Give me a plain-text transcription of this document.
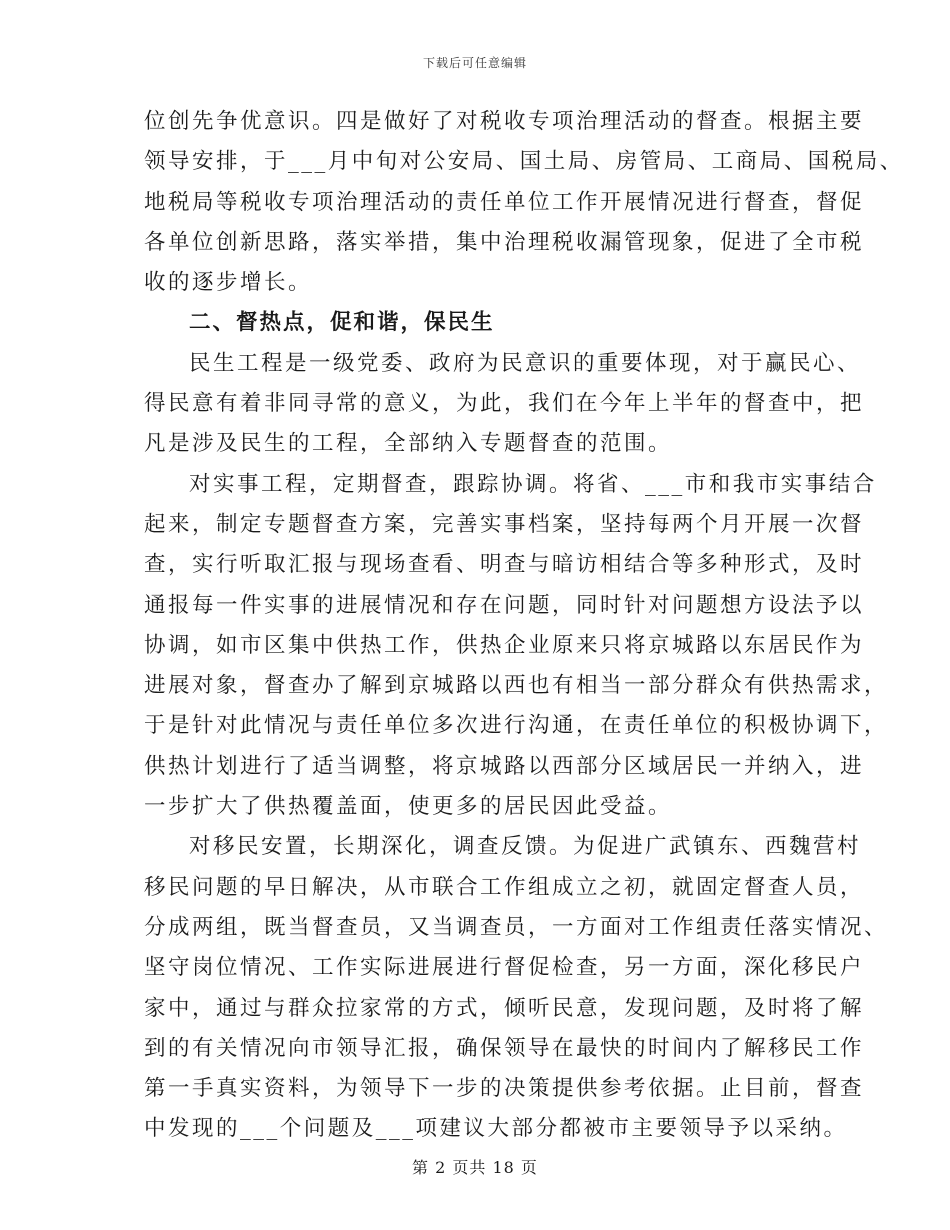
下载后可任意编辑
位创先争优意识。四是做好了对税收专项治理活动的督查。根据主要
领导安排，于___月中旬对公安局、国土局、房管局、工商局、国税局、
地税局等税收专项治理活动的责任单位工作开展情况进行督查，督促
各单位创新思路，落实举措，集中治理税收漏管现象，促进了全市税
收的逐步增长。
二、督热点，促和谐，保民生
民生工程是一级党委、政府为民意识的重要体现，对于赢民心、
得民意有着非同寻常的意义，为此，我们在今年上半年的督查中，把
凡是涉及民生的工程，全部纳入专题督查的范围。
对实事工程，定期督查，跟踪协调。将省、___市和我市实事结合
起来，制定专题督查方案，完善实事档案，坚持每两个月开展一次督
查，实行听取汇报与现场查看、明查与暗访相结合等多种形式，及时
通报每一件实事的进展情况和存在问题，同时针对问题想方设法予以
协调，如市区集中供热工作，供热企业原来只将京城路以东居民作为
进展对象，督查办了解到京城路以西也有相当一部分群众有供热需求，
于是针对此情况与责任单位多次进行沟通，在责任单位的积极协调下，
供热计划进行了适当调整，将京城路以西部分区域居民一并纳入，进
一步扩大了供热覆盖面，使更多的居民因此受益。
对移民安置，长期深化，调查反馈。为促进广武镇东、西魏营村
移民问题的早日解决，从市联合工作组成立之初，就固定督查人员，
分成两组，既当督查员，又当调查员，一方面对工作组责任落实情况、
坚守岗位情况、工作实际进展进行督促检查，另一方面，深化移民户
家中，通过与群众拉家常的方式，倾听民意，发现问题，及时将了解
到的有关情况向市领导汇报，确保领导在最快的时间内了解移民工作
第一手真实资料，为领导下一步的决策提供参考依据。止目前，督查
中发现的___个问题及___项建议大部分都被市主要领导予以采纳。
第 2 页共 18 页
